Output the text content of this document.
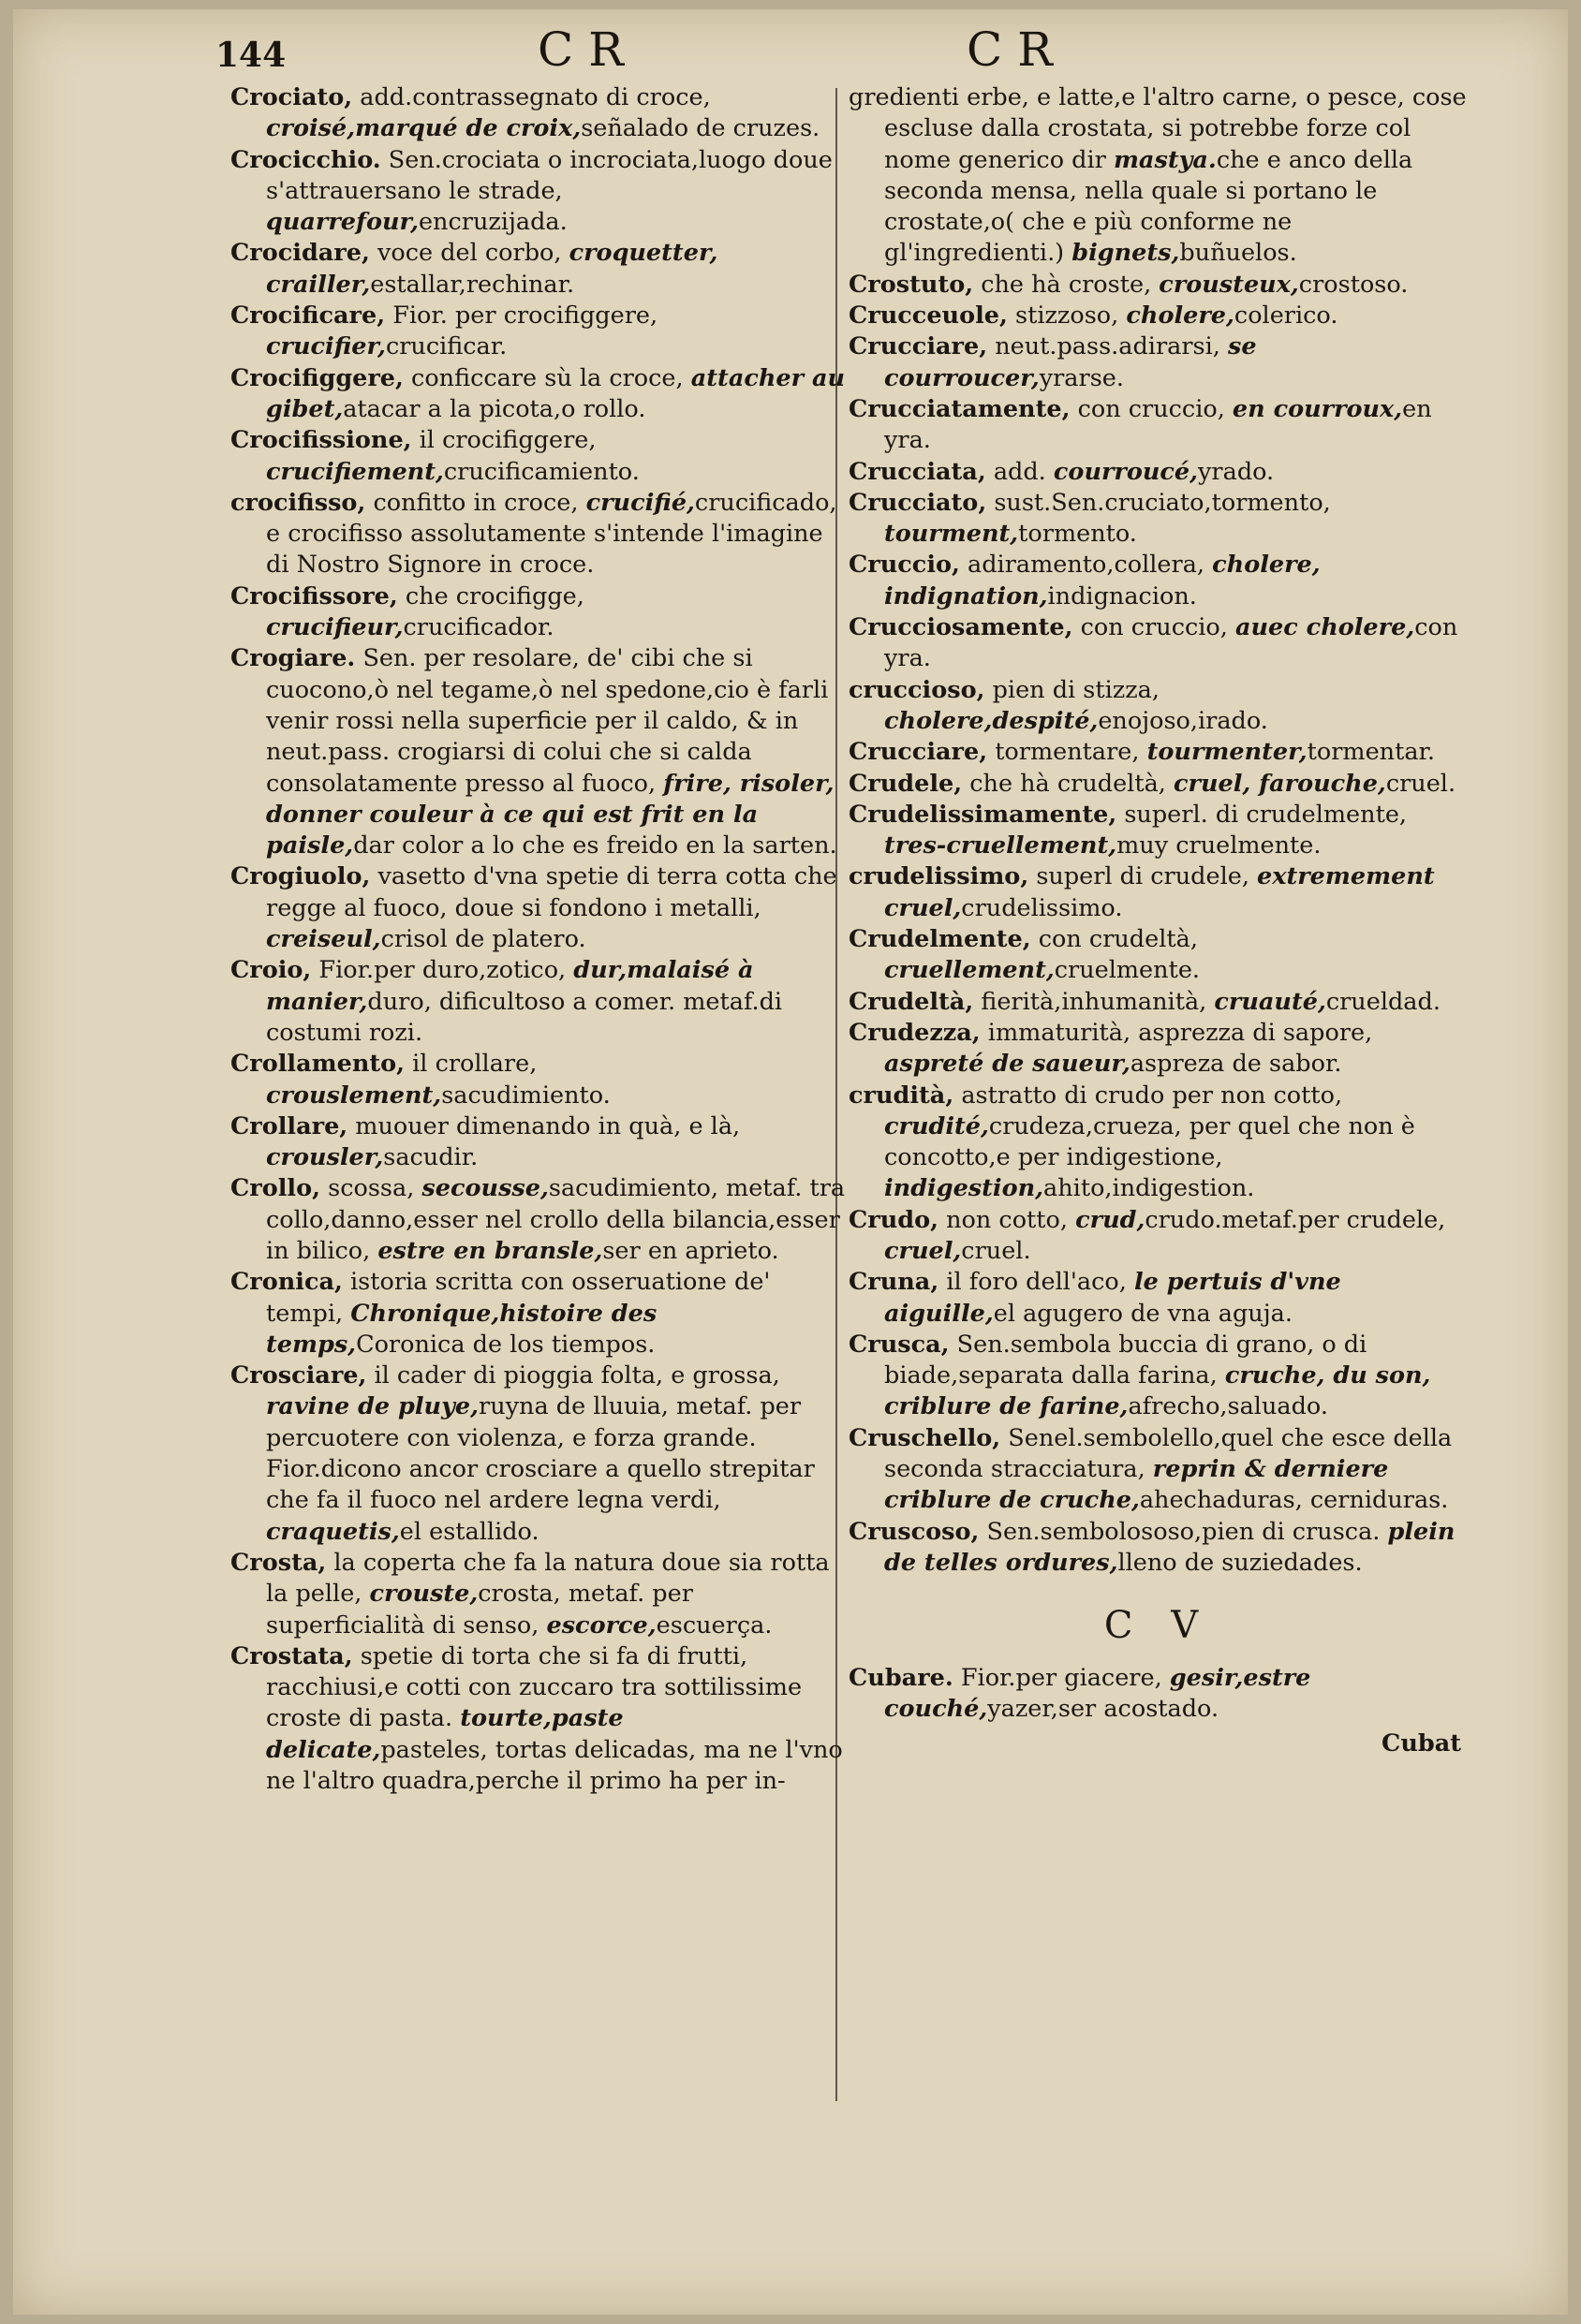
144	C R	C R

Crociato, add.contrassegnato di croce, croisé,marqué de croix,señalado de cruzes.

Crocicchio. Sen.crociata o incrociata,luogo doue s'attrauersano le strade, quarrefour,encruzijada.

Crocidare, voce del corbo, croquetter, crailler,estallar,rechinar.

Crocificare, Fior. per crocifiggere, crucifier,crucificar.

Crocifiggere, conficcare sù la croce, attacher au gibet,atacar a la picota,o rollo.

Crocifissione, il crocifiggere, crucifiement,crucificamiento.

crocifisso, confitto in croce, crucifié,crucificado, e crocifisso assolutamente s'intende l'imagine di Nostro Signore in croce.

Crocifissore, che crocifigge, crucifieur,crucificador.

Crogiare. Sen. per resolare, de' cibi che si cuocono,ò nel tegame,ò nel spedone,cio è farli venir rossi nella superficie per il caldo, & in neut.pass. crogiarsi di colui che si calda consolatamente presso al fuoco, frire, risoler, donner couleur à ce qui est frit en la paisle,dar color a lo che es freido en la sarten.

Crogiuolo, vasetto d'vna spetie di terra cotta che regge al fuoco, doue si fondono i metalli, creiseul,crisol de platero.

Croio, Fior.per duro,zotico, dur,malaisé à manier,duro, dificultoso a comer. metaf.di costumi rozi.

Crollamento, il crollare, crouslement,sacudimiento.

Crollare, muouer dimenando in quà, e là, crousler,sacudir.

Crollo, scossa, secousse,sacudimiento, metaf. tra collo,danno,esser nel crollo della bilancia,esser in bilico, estre en bransle,ser en aprieto.

Cronica, istoria scritta con osseruatione de' tempi, Chronique,histoire des temps,Coronica de los tiempos.

Crosciare, il cader di pioggia folta, e grossa, ravine de pluye,ruyna de lluuia, metaf. per percuotere con violenza, e forza grande. Fior.dicono ancor crosciare a quello strepitar che fa il fuoco nel ardere legna verdi, craquetis,el estallido.

Crosta, la coperta che fa la natura doue sia rotta la pelle, crouste,crosta, metaf. per superficialità di senso, escorce,escuerça.

Crostata, spetie di torta che si fa di frutti, racchiusi,e cotti con zuccaro tra sottilissime croste di pasta. tourte,paste delicate,pasteles, tortas delicadas, ma ne l'vno ne l'altro quadra,perche il primo ha per in-

gredienti erbe, e latte,e l'altro carne, o pesce, cose esclusе dalla crostata, si potrebbe forze col nome generico dir mastya.che e anco della seconda mensa, nella quale si portano le crostate,o( che e più conforme ne gl'ingredienti.) bignets,buñuelos.

Crostuto, che hà croste, crousteux,crostoso.

Crucceuole, stizzoso, cholere,colerico.

Crucciare, neut.pass.adirarsi, se courroucer,yrarse.

Crucciatamente, con cruccio, en courroux,en yra.

Crucciata, add. courroucé,yrado.

Crucciato, sust.Sen.cruciato,tormento, tourment,tormento.

Cruccio, adiramento,collera, cholere, indignation,indignacion.

Crucciosamente, con cruccio, auec cholere,con yra.

cruccioso, pien di stizza, cholere,despité,enojoso,irado.

Crucciare, tormentare, tourmenter,tormentar.

Crudele, che hà crudeltà, cruel, farouche,cruel.

Crudelissimamente, superl. di crudelmente, tres-cruellement,muy cruelmente.

crudelissimo, superl di crudele, extremement cruel,crudelissimo.

Crudelmente, con crudeltà, cruellement,cruelmente.

Crudeltà, fierità,inhumanità, cruauté,crueldad.

Crudezza, immaturità, asprezza di sapore, aspreté de saueur,aspreza de sabor.

crudità, astratto di crudo per non cotto, crudité,crudeza,crueza, per quel che non è concotto,e per indigestione, indigestion,ahito,indigestion.

Crudo, non cotto, crud,crudo.metaf.per crudele, cruel,cruel.

Cruna, il foro dell'aco, le pertuis d'vne aiguille,el agugero de vna aguja.

Crusca, Sen.sembola buccia di grano, o di biade,separata dalla farina, cruche, du son, criblure de farine,afrecho,saluado.

Cruschello, Senel.sembolello,quel che esce della seconda stracciatura, reprin & derniere criblure de cruche,ahechaduras, cerniduras.

Cruscoso, Sen.sembolososo,pien di crusca. plein de telles ordures,lleno de suziedades.

C V

Cubare. Fior.per giacere, gesir,estre couché,yazer,ser acostado.

Cubat
